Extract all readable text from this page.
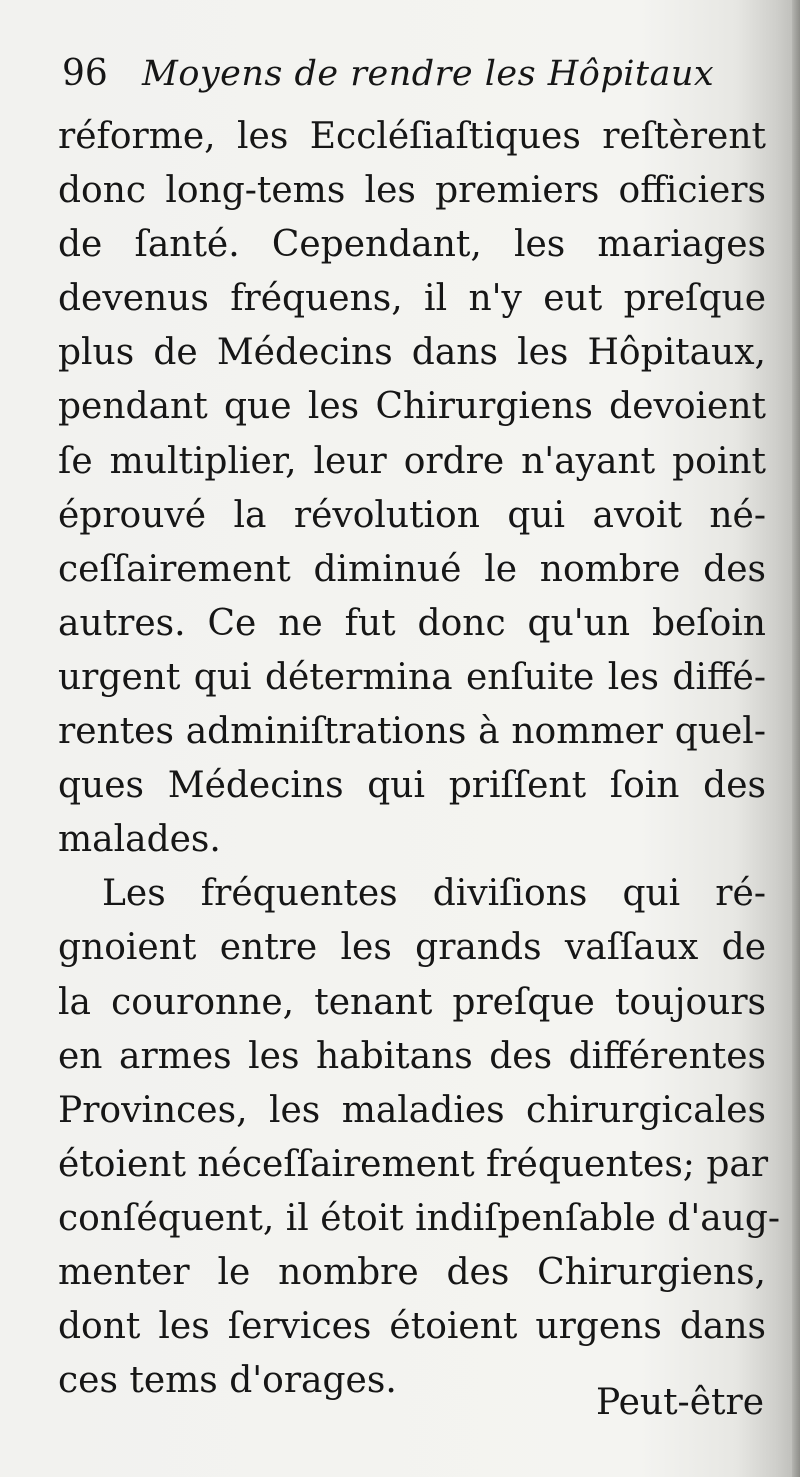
96 Moyens de rendre les Hôpitaux
réforme, les Eccléſiaſtiques reſtèrent
donc long-tems les premiers officiers
de ſanté. Cependant, les mariages
devenus fréquens, il n'y eut preſque
plus de Médecins dans les Hôpitaux,
pendant que les Chirurgiens devoient
ſe multiplier, leur ordre n'ayant point
éprouvé la révolution qui avoit né-
ceſſairement diminué le nombre des
autres. Ce ne fut donc qu'un beſoin
urgent qui détermina enſuite les diffé-
rentes adminiſtrations à nommer quel-
ques Médecins qui priſſent ſoin des
malades.
Les fréquentes diviſions qui ré-
gnoient entre les grands vaſſaux de
la couronne, tenant preſque toujours
en armes les habitans des différentes
Provinces, les maladies chirurgicales
étoient néceſſairement fréquentes; par
conſéquent, il étoit indiſpenſable d'aug-
menter le nombre des Chirurgiens,
dont les ſervices étoient urgens dans
ces tems d'orages.
Peut-être
